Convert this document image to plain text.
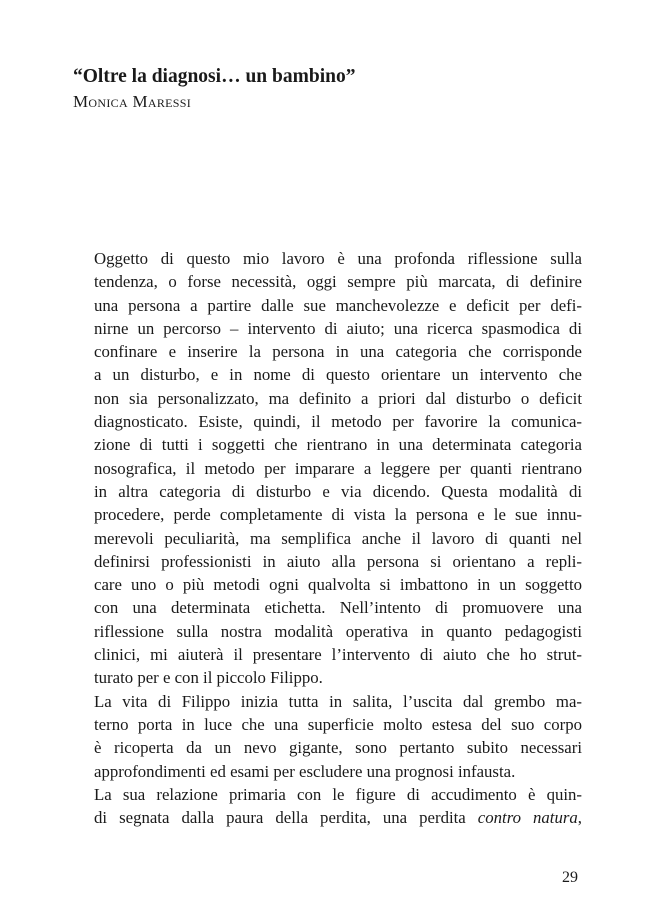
“Oltre la diagnosi… un bambino”
Monica Maressi

Oggetto di questo mio lavoro è una profonda riflessione sulla
tendenza, o forse necessità, oggi sempre più marcata, di definire
una persona a partire dalle sue manchevolezze e deficit per defi-
nirne un percorso – intervento di aiuto; una ricerca spasmodica di
confinare e inserire la persona in una categoria che corrisponde
a un disturbo, e in nome di questo orientare un intervento che
non sia personalizzato, ma definito a priori dal disturbo o deficit
diagnosticato. Esiste, quindi, il metodo per favorire la comunica-
zione di tutti i soggetti che rientrano in una determinata categoria
nosografica, il metodo per imparare a leggere per quanti rientrano
in altra categoria di disturbo e via dicendo. Questa modalità di
procedere, perde completamente di vista la persona e le sue innu-
merevoli peculiarità, ma semplifica anche il lavoro di quanti nel
definirsi professionisti in aiuto alla persona si orientano a repli-
care uno o più metodi ogni qualvolta si imbattono in un soggetto
con una determinata etichetta. Nell’intento di promuovere una
riflessione sulla nostra modalità operativa in quanto pedagogisti
clinici, mi aiuterà il presentare l’intervento di aiuto che ho strut-
turato per e con il piccolo Filippo.

La vita di Filippo inizia tutta in salita, l’uscita dal grembo ma-
terno porta in luce che una superficie molto estesa del suo corpo
è ricoperta da un nevo gigante, sono pertanto subito necessari
approfondimenti ed esami per escludere una prognosi infausta.

La sua relazione primaria con le figure di accudimento è quin-
di segnata dalla paura della perdita, una perdita contro natura,

29
